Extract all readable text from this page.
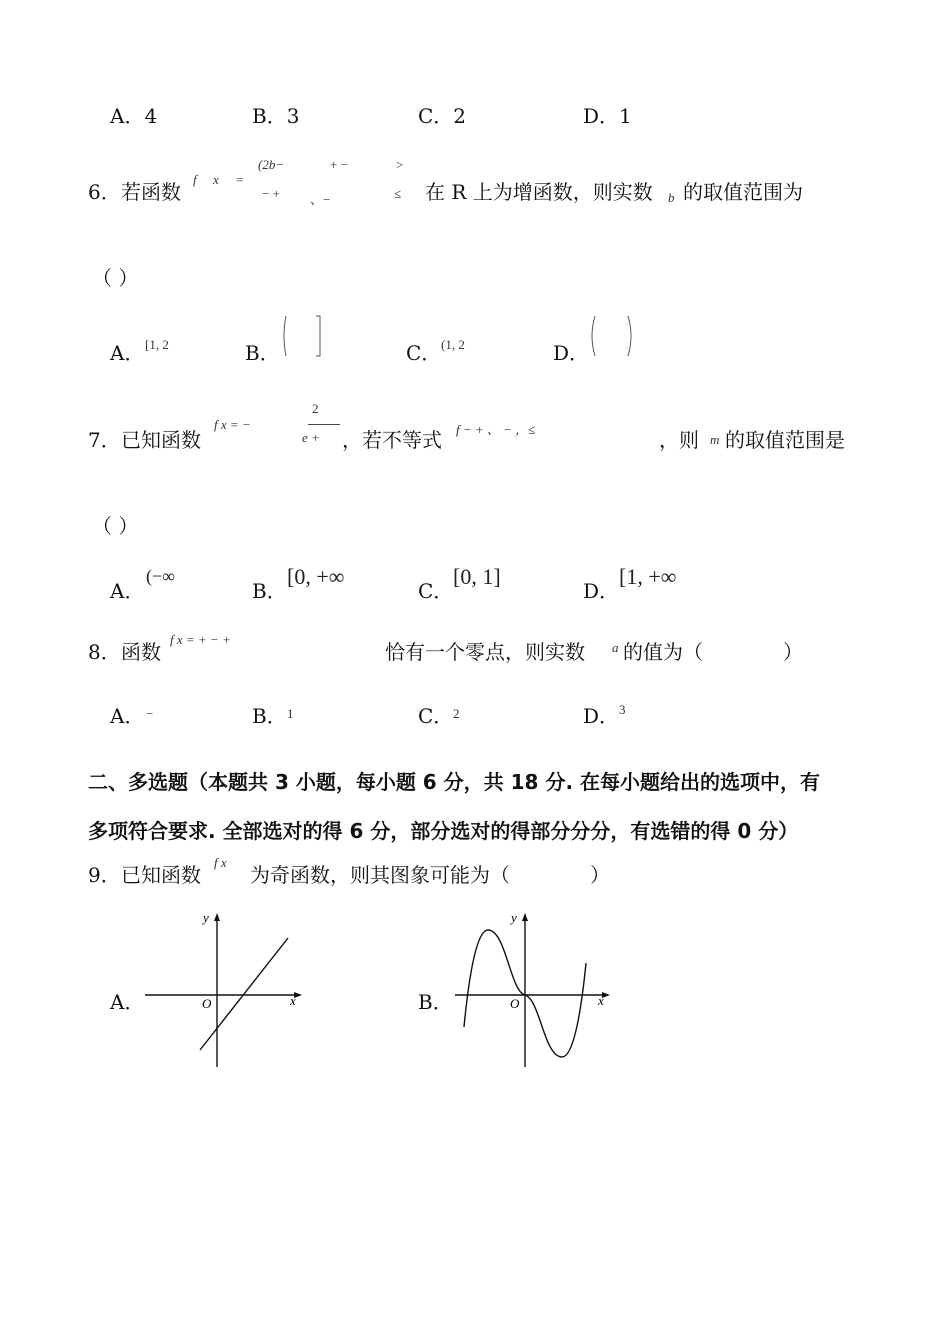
A．4	B．3	C．2	D．1
6． 若函数
f x =
(2b−	+ −	>
− + 、−	≤ 在 R 上为增函数，则实数 b 的取值范围为
（ ）
A． [1, 2	B．	C． (1, 2	D．
7． 已知函数
f x = −
2
e + ，若不等式 f − + 、 − ，≤	，则 m 的取值范围是
（ ）
A．
(−∞
B．
[0, +∞
C．
[0, 1]
D．
[1, +∞
8． 函数
f x = + − +
恰有一个零点，则实数 a 的值为（　　　　）
A． −	B． 1	C． 2	D． 3
二、多选题（本题共 3 小题，每小题 6 分，共 18 分. 在每小题给出的选项中，有
多项符合要求. 全部选对的得 6 分，部分选对的得部分分分，有选错的得 0 分）
9． 已知函数
f x
为奇函数，则其图象可能为（　　　　）
A．	x
y
O	B．	x
y
O
